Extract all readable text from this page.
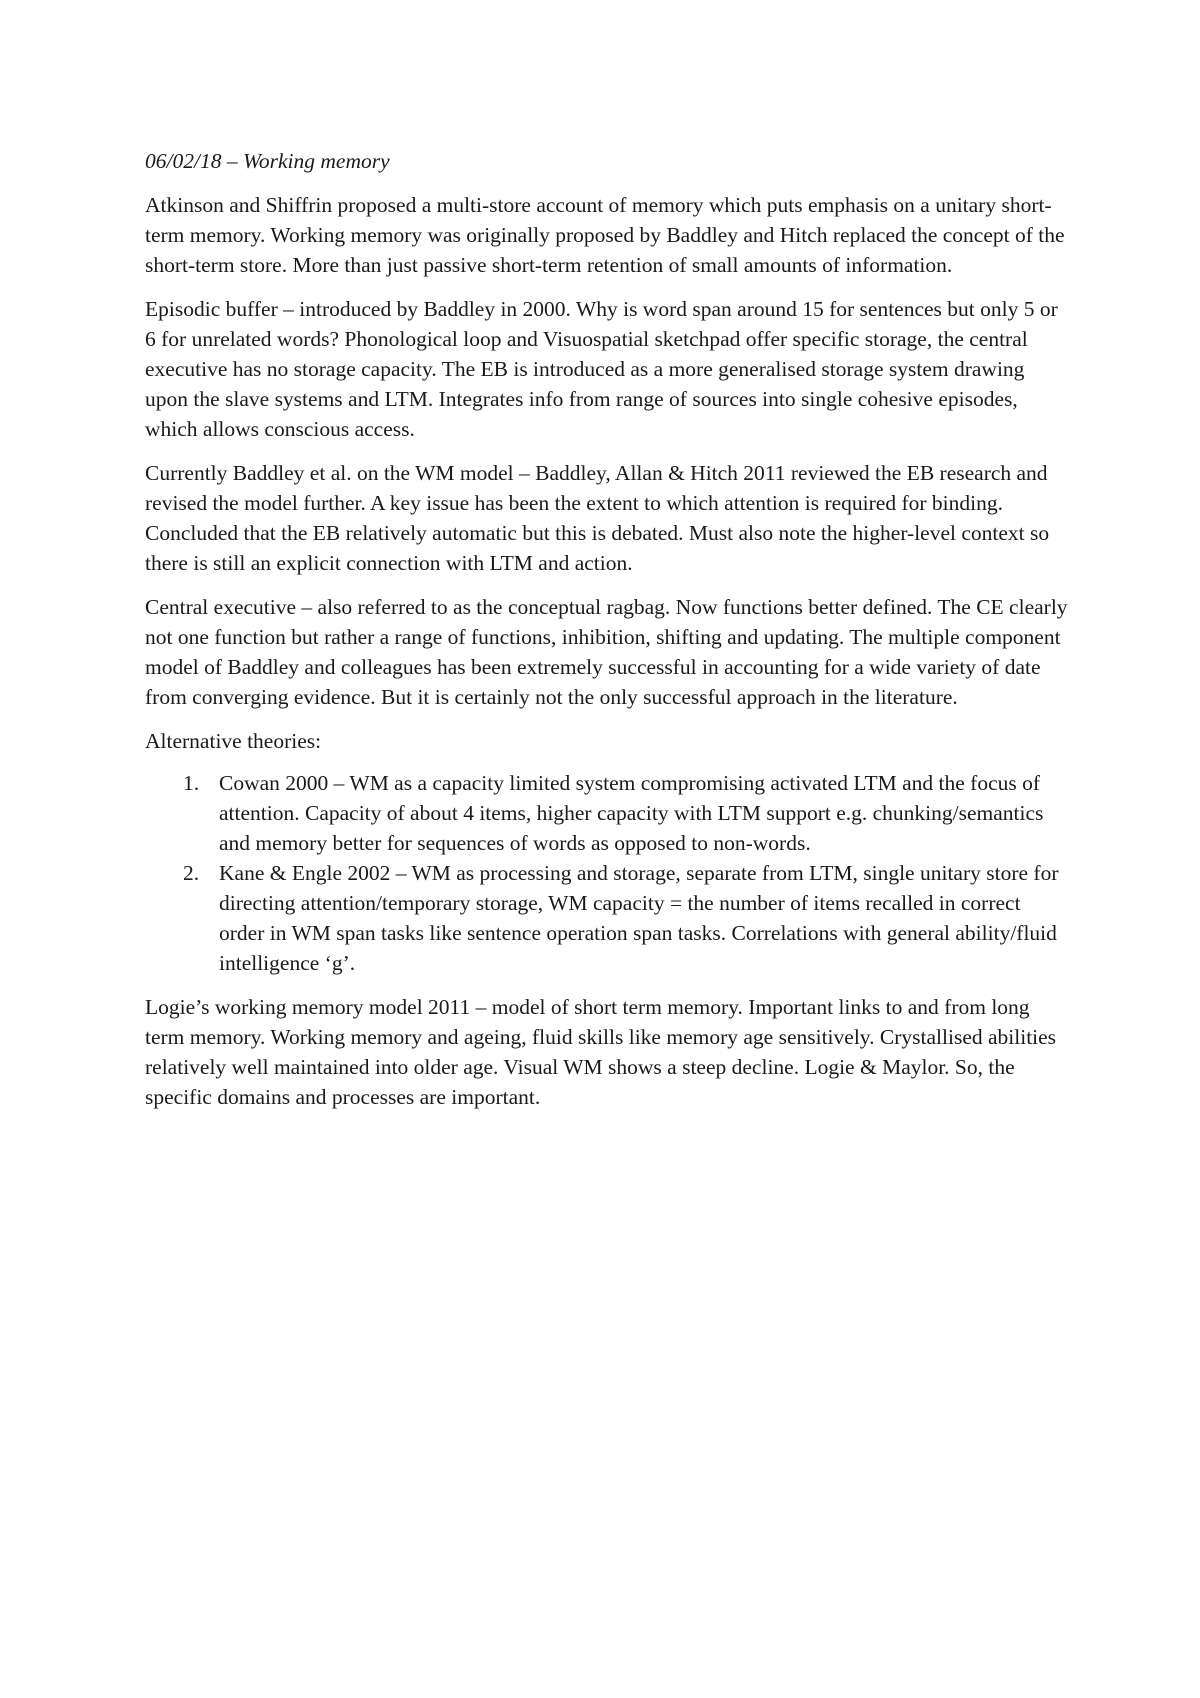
06/02/18 – Working memory

Atkinson and Shiffrin proposed a multi-store account of memory which puts emphasis on a unitary short-term memory. Working memory was originally proposed by Baddley and Hitch replaced the concept of the short-term store. More than just passive short-term retention of small amounts of information.

Episodic buffer – introduced by Baddley in 2000. Why is word span around 15 for sentences but only 5 or 6 for unrelated words? Phonological loop and Visuospatial sketchpad offer specific storage, the central executive has no storage capacity. The EB is introduced as a more generalised storage system drawing upon the slave systems and LTM. Integrates info from range of sources into single cohesive episodes, which allows conscious access.

Currently Baddley et al. on the WM model – Baddley, Allan & Hitch 2011 reviewed the EB research and revised the model further. A key issue has been the extent to which attention is required for binding. Concluded that the EB relatively automatic but this is debated. Must also note the higher-level context so there is still an explicit connection with LTM and action.

Central executive – also referred to as the conceptual ragbag. Now functions better defined. The CE clearly not one function but rather a range of functions, inhibition, shifting and updating. The multiple component model of Baddley and colleagues has been extremely successful in accounting for a wide variety of date from converging evidence. But it is certainly not the only successful approach in the literature.

Alternative theories:

1. Cowan 2000 – WM as a capacity limited system compromising activated LTM and the focus of attention. Capacity of about 4 items, higher capacity with LTM support e.g. chunking/semantics and memory better for sequences of words as opposed to non-words.
2. Kane & Engle 2002 – WM as processing and storage, separate from LTM, single unitary store for directing attention/temporary storage, WM capacity = the number of items recalled in correct order in WM span tasks like sentence operation span tasks. Correlations with general ability/fluid intelligence ‘g’.

Logie’s working memory model 2011 – model of short term memory. Important links to and from long term memory. Working memory and ageing, fluid skills like memory age sensitively. Crystallised abilities relatively well maintained into older age. Visual WM shows a steep decline. Logie & Maylor. So, the specific domains and processes are important.
